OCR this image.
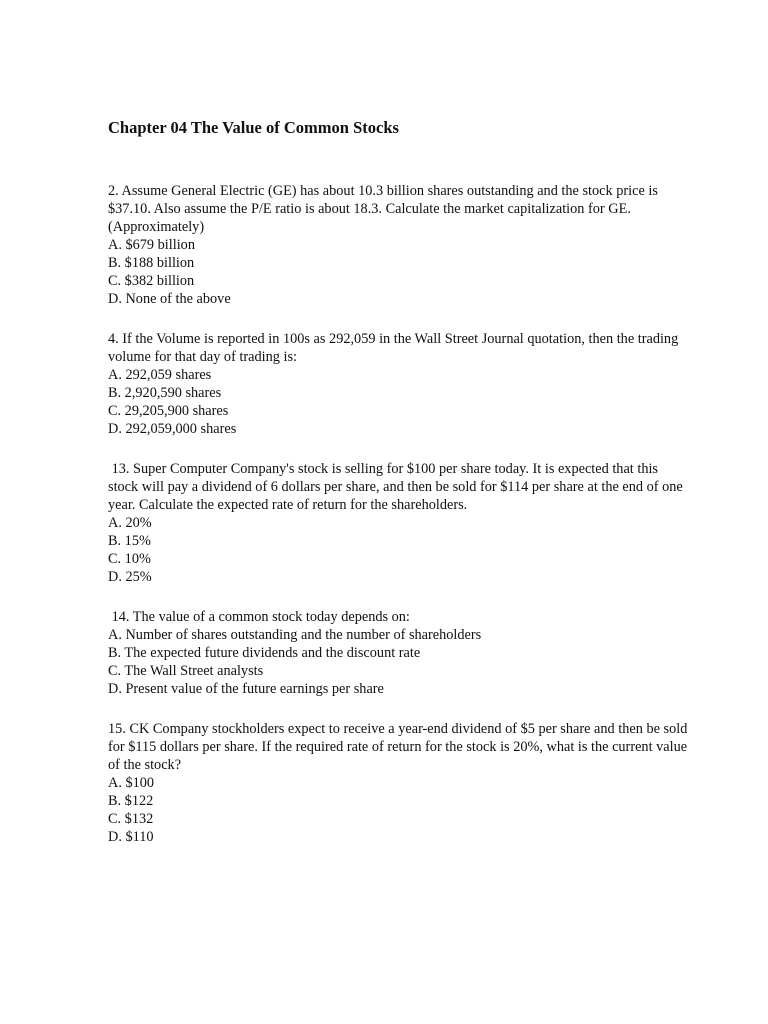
Chapter 04 The Value of Common Stocks

2. Assume General Electric (GE) has about 10.3 billion shares outstanding and the stock price is $37.10. Also assume the P/E ratio is about 18.3. Calculate the market capitalization for GE. (Approximately)

A. $679 billion
B. $188 billion
C. $382 billion
D. None of the above

4. If the Volume is reported in 100s as 292,059 in the Wall Street Journal quotation, then the trading volume for that day of trading is:

A. 292,059 shares
B. 2,920,590 shares
C. 29,205,900 shares
D. 292,059,000 shares

13. Super Computer Company's stock is selling for $100 per share today. It is expected that this stock will pay a dividend of 6 dollars per share, and then be sold for $114 per share at the end of one year. Calculate the expected rate of return for the shareholders.

A. 20%
B. 15%
C. 10%
D. 25%

14. The value of a common stock today depends on:

A. Number of shares outstanding and the number of shareholders
B. The expected future dividends and the discount rate
C. The Wall Street analysts
D. Present value of the future earnings per share

15. CK Company stockholders expect to receive a year-end dividend of $5 per share and then be sold for $115 dollars per share. If the required rate of return for the stock is 20%, what is the current value of the stock?

A. $100
B. $122
C. $132
D. $110
